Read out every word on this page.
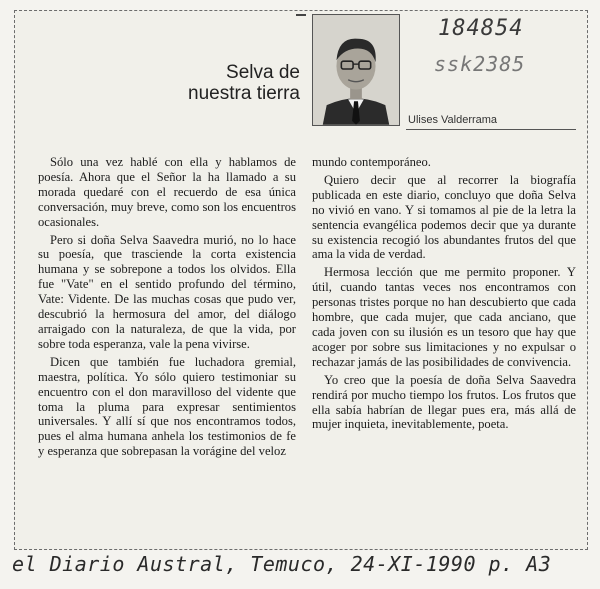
Selva de
nuestra tierra
Ulises Valderrama
184854
ssk2385

Sólo una vez hablé con ella y hablamos de poesía. Ahora que el Señor la ha llamado a su morada quedaré con el recuerdo de esa única conversación, muy breve, como son los encuentros ocasionales.

Pero si doña Selva Saavedra murió, no lo hace su poesía, que trasciende la corta existencia humana y se sobrepone a todos los olvidos. Ella fue "Vate" en el sentido profundo del término, Vate: Vidente. De las muchas cosas que pudo ver, descubrió la hermosura del amor, del diálogo arraigado con la naturaleza, de que la vida, por sobre toda esperanza, vale la pena vivirse.

Dicen que también fue luchadora gremial, maestra, política. Yo sólo quiero testimoniar su encuentro con el don maravilloso del vidente que toma la pluma para expresar sentimientos universales. Y allí sí que nos encontramos todos, pues el alma humana anhela los testimonios de fe y esperanza que sobrepasan la vorágine del veloz

mundo contemporáneo.

Quiero decir que al recorrer la biografía publicada en este diario, concluyo que doña Selva no vivió en vano. Y si tomamos al pie de la letra la sentencia evangélica podemos decir que ya durante su existencia recogió los abundantes frutos del que ama la vida de verdad.

Hermosa lección que me permito proponer. Y útil, cuando tantas veces nos encontramos con personas tristes porque no han descubierto que cada hombre, que cada mujer, que cada anciano, que cada joven con su ilusión es un tesoro que hay que acoger por sobre sus limitaciones y no expulsar o rechazar jamás de las posibilidades de convivencia.

Yo creo que la poesía de doña Selva Saavedra rendirá por mucho tiempo los frutos. Los frutos que ella sabía habrían de llegar pues era, más allá de mujer inquieta, inevitablemente, poeta.

el Diario Austral, Temuco, 24-XI-1990 p. A3
